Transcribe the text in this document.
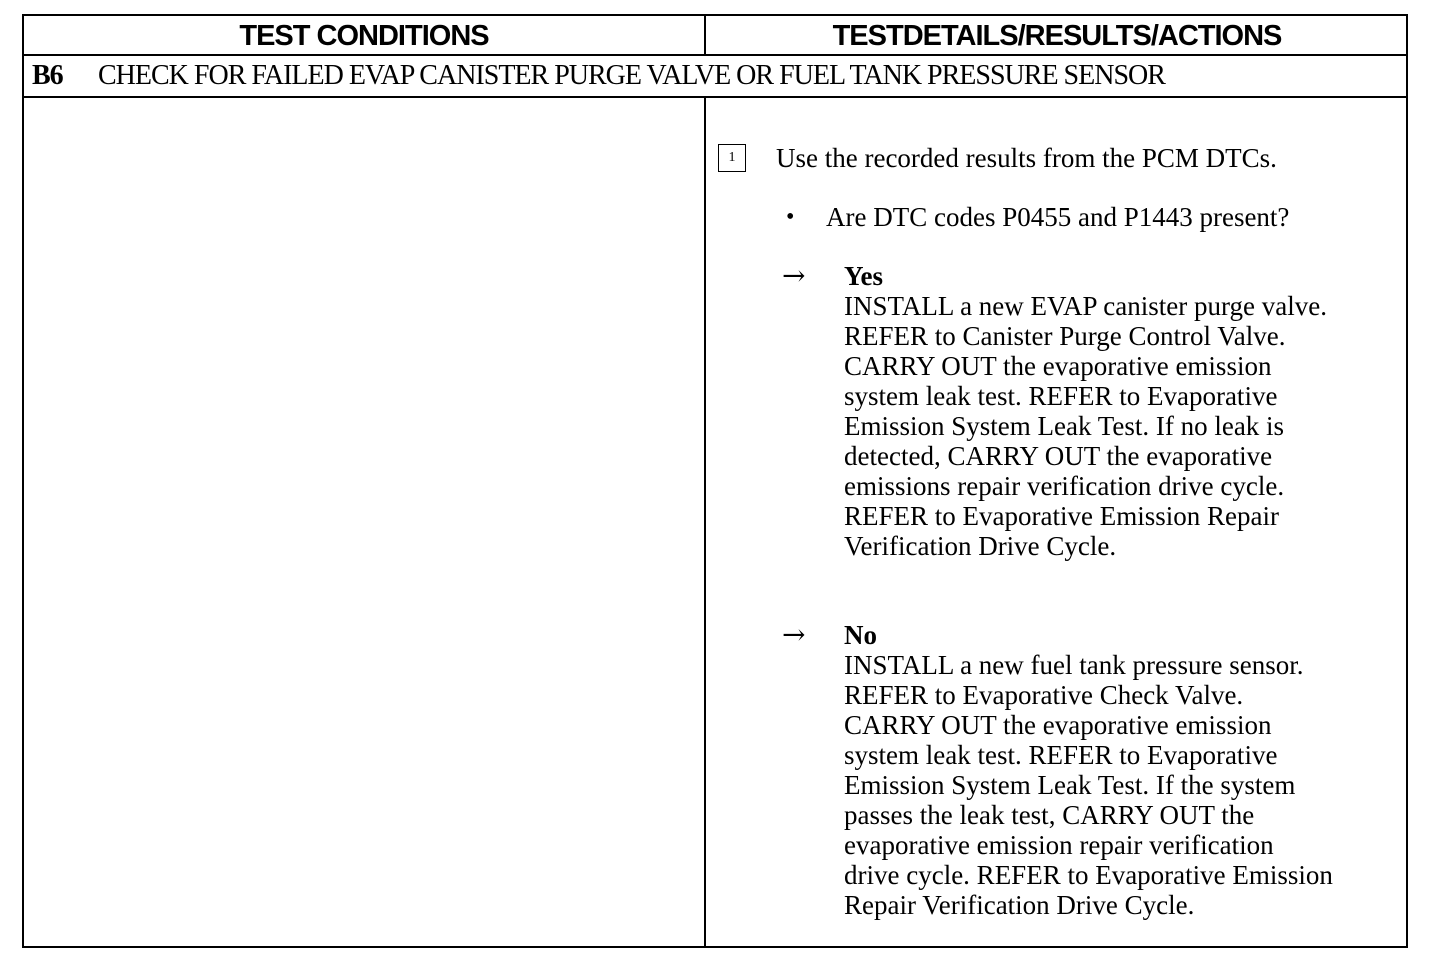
TEST CONDITIONS	TESTDETAILS/RESULTS/ACTIONS
B6 CHECK FOR FAILED EVAP CANISTER PURGE VALVE OR FUEL TANK PRESSURE SENSOR
1	Use the recorded results from the PCM DTCs.
• Are DTC codes P0455 and P1443 present?
→ Yes
INSTALL a new EVAP canister purge valve.
REFER to Canister Purge Control Valve.
CARRY OUT the evaporative emission
system leak test. REFER to Evaporative
Emission System Leak Test. If no leak is
detected, CARRY OUT the evaporative
emissions repair verification drive cycle.
REFER to Evaporative Emission Repair
Verification Drive Cycle.
→ No
INSTALL a new fuel tank pressure sensor.
REFER to Evaporative Check Valve.
CARRY OUT the evaporative emission
system leak test. REFER to Evaporative
Emission System Leak Test. If the system
passes the leak test, CARRY OUT the
evaporative emission repair verification
drive cycle. REFER to Evaporative Emission
Repair Verification Drive Cycle.
